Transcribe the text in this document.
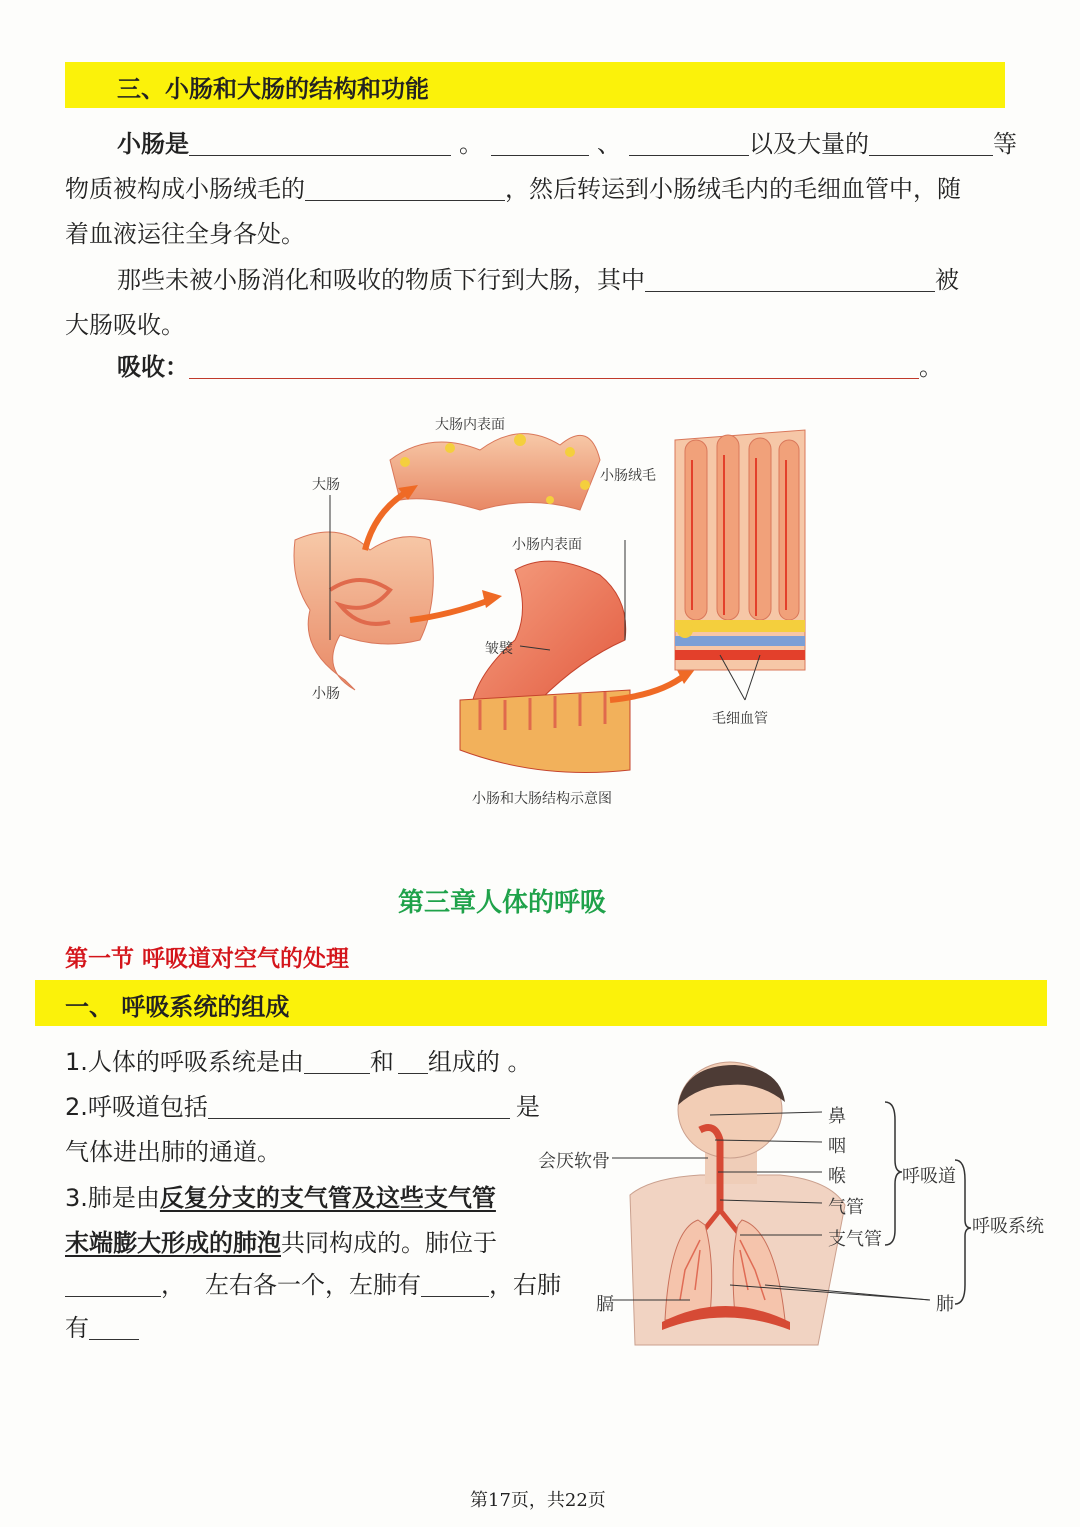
三、小肠和大肠的结构和功能
小肠是	。	、	以及大量的	等
物质被构成小肠绒毛的	，然后转运到小肠绒毛内的毛细血管中，随
着血液运往全身各处。
那些未被小肠消化和吸收的物质下行到大肠，其中	被
大肠吸收。
吸收：	。
大肠内表面
大肠
小肠绒毛
小肠内表面
皱襞
小肠
毛细血管
小肠和大肠结构示意图
第三章人体的呼吸
第一节 呼吸道对空气的处理
一、 呼吸系统的组成
1.人体的呼吸系统是由	和 组成的 。
2.呼吸道包括	是
气体进出肺的通道。
3.肺是由反复分支的支气管及这些支气管
末端膨大形成的肺泡共同构成的。肺位于
， 左右各一个，左肺有	，右肺
有
鼻
咽
喉
气管
支气管
会厌软骨
膈	肺
呼吸道
呼吸系统
第17页，共22页
